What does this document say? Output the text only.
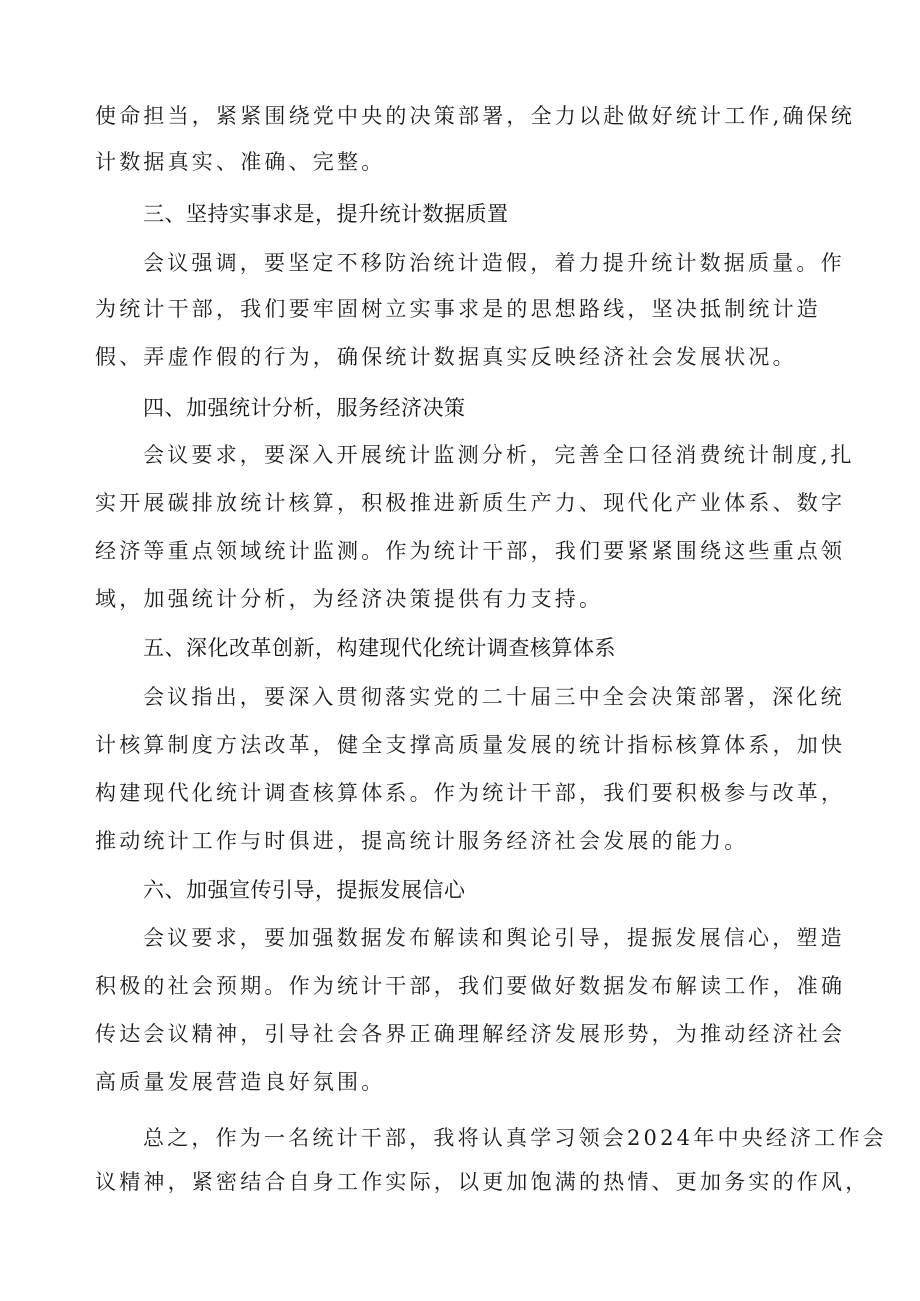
使命担当，紧紧围绕党中央的决策部署，全力以赴做好统计工作,确保统
计数据真实、准确、完整。
三、坚持实事求是，提升统计数据质置
会议强调，要坚定不移防治统计造假，着力提升统计数据质量。作
为统计干部，我们要牢固树立实事求是的思想路线，坚决抵制统计造
假、弄虚作假的行为，确保统计数据真实反映经济社会发展状况。
四、加强统计分析，服务经济决策
会议要求，要深入开展统计监测分析，完善全口径消费统计制度,扎
实开展碳排放统计核算，积极推进新质生产力、现代化产业体系、数字
经济等重点领域统计监测。作为统计干部，我们要紧紧围绕这些重点领
域，加强统计分析，为经济决策提供有力支持。
五、深化改革创新，构建现代化统计调查核算体系
会议指出，要深入贯彻落实党的二十届三中全会决策部署，深化统
计核算制度方法改革，健全支撑高质量发展的统计指标核算体系，加快
构建现代化统计调查核算体系。作为统计干部，我们要积极参与改革，
推动统计工作与时俱进，提高统计服务经济社会发展的能力。
六、加强宣传引导，提振发展信心
会议要求，要加强数据发布解读和舆论引导，提振发展信心，塑造
积极的社会预期。作为统计干部，我们要做好数据发布解读工作，准确
传达会议精神，引导社会各界正确理解经济发展形势，为推动经济社会
高质量发展营造良好氛围。
总之，作为一名统计干部，我将认真学习领会2024年中央经济工作会
议精神，紧密结合自身工作实际，以更加饱满的热情、更加务实的作风，
